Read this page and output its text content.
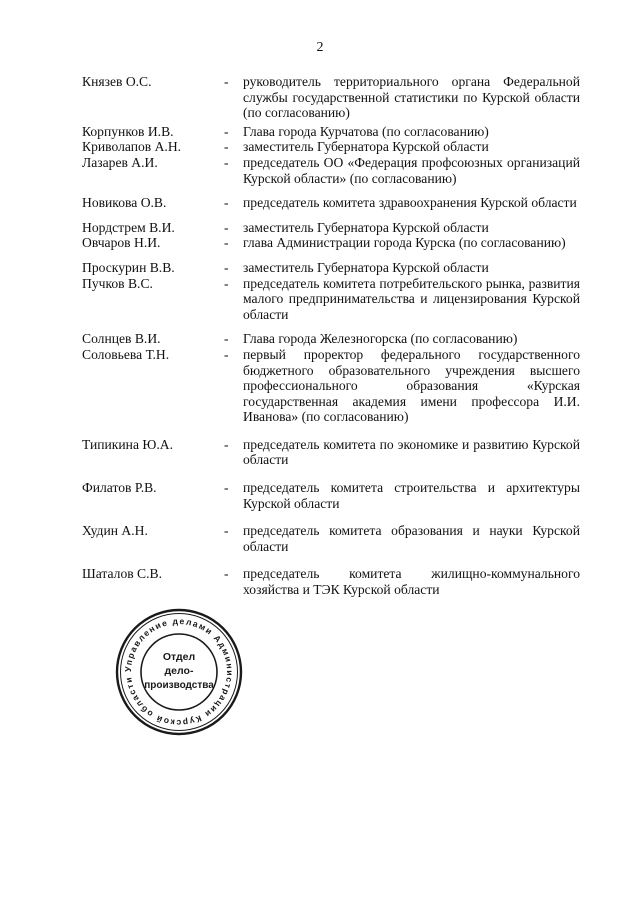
2
Князев О.С.	-	руководитель территориального органа Федеральной службы государственной статистики по Курской области (по согласованию)
Корпунков И.В.	-	Глава города Курчатова (по согласованию)
Криволапов А.Н.	-	заместитель Губернатора Курской области
Лазарев А.И.	-	председатель ОО «Федерация профсоюзных организаций Курской области» (по согласованию)
Новикова О.В.	-	председатель комитета здравоохранения Курской области
Нордстрем В.И.	-	заместитель Губернатора Курской области
Овчаров Н.И.	-	глава Администрации города Курска (по согласованию)
Проскурин В.В.	-	заместитель Губернатора Курской области
Пучков В.С.	-	председатель комитета потребительского рынка, развития малого предпринимательства и лицензирования Курской области
Солнцев В.И.	-	Глава города Железногорска (по согласованию)
Соловьева Т.Н.	-	первый проректор федерального государственного бюджетного образовательного учреждения высшего профессионального образования «Курская государственная академия имени профессора И.И. Иванова» (по согласованию)
Типикина Ю.А.	-	председатель комитета по экономике и развитию Курской области
Филатов Р.В.	-	председатель комитета строительства и архитектуры Курской области
Худин А.Н.	-	председатель комитета образования и науки Курской области
Шаталов С.В.	-	председатель комитета жилищно-коммунального хозяйства и ТЭК Курской области
Управление делами Администрации Курской области
Отдел
дело-
производства
